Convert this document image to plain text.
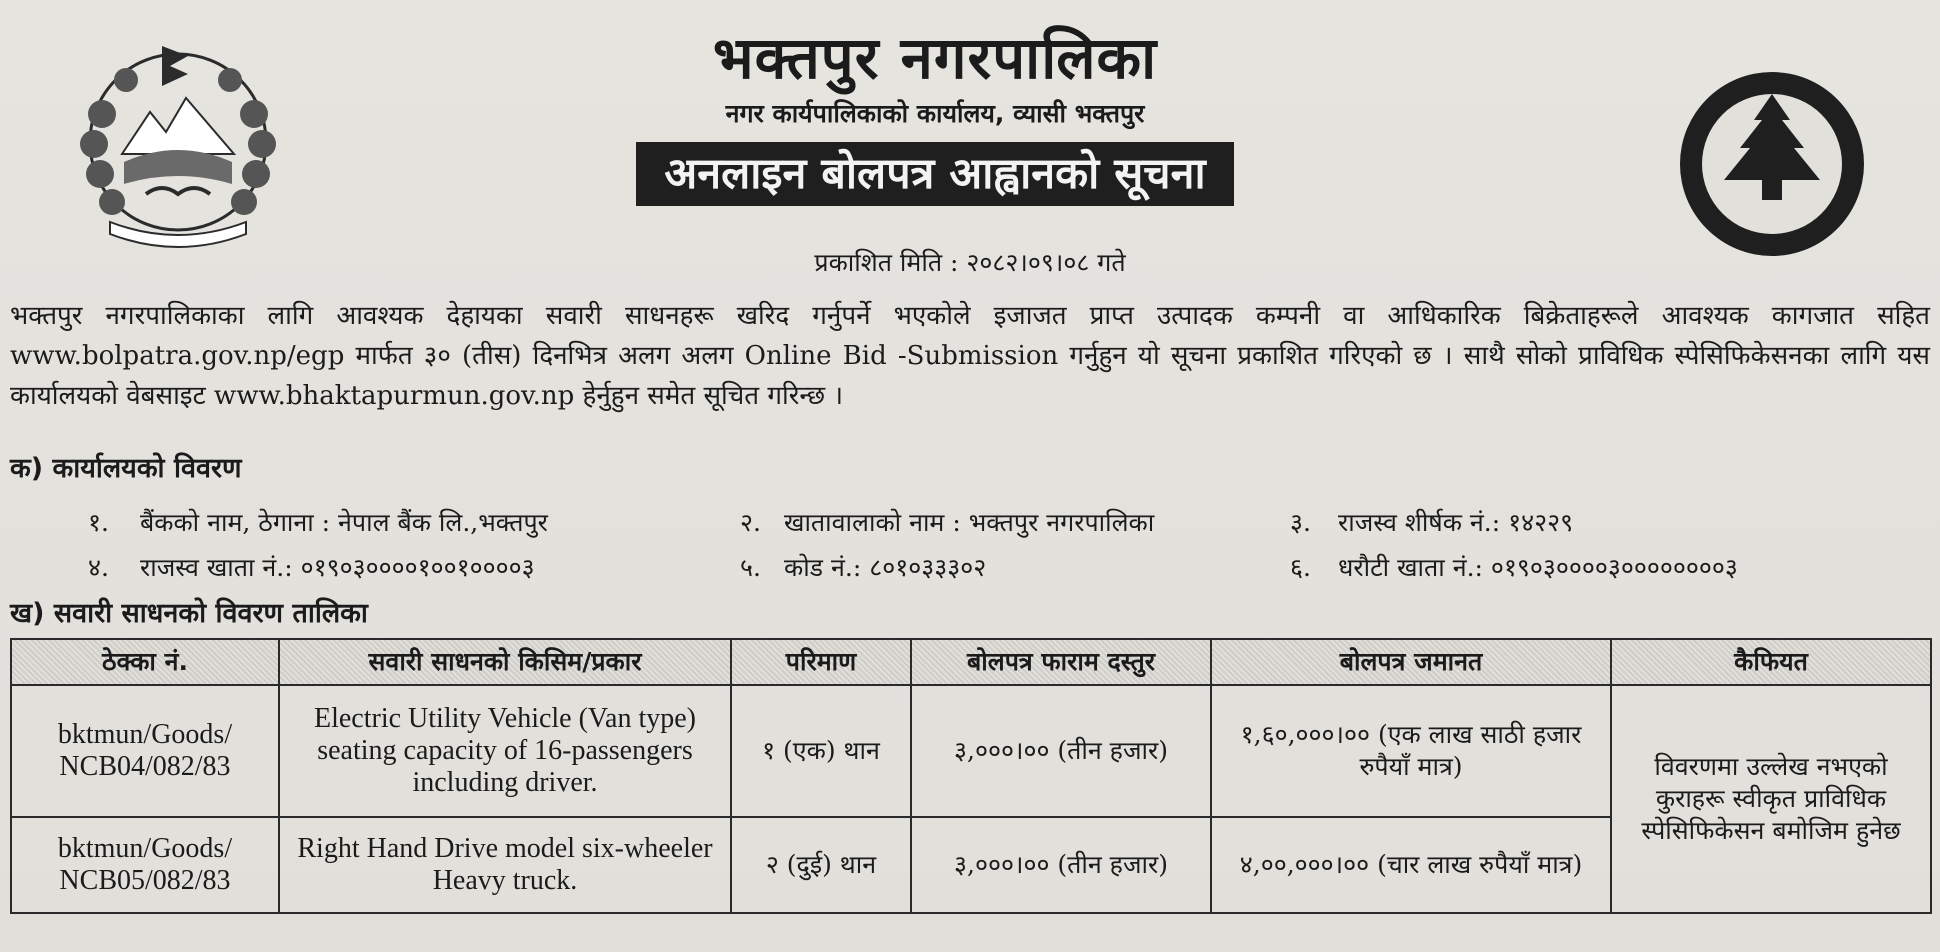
भक्तपुर नगरपालिका
नगर कार्यपालिकाको कार्यालय, व्यासी भक्तपुर
अनलाइन बोलपत्र आह्वानको सूचना
प्रकाशित मिति : २०८२।०९।०८ गते
भक्तपुर नगरपालिकाका लागि आवश्यक देहायका सवारी साधनहरू खरिद गर्नुपर्ने भएकोले इजाजत प्राप्त उत्पादक कम्पनी वा आधिकारिक बिक्रेताहरूले आवश्यक कागजात सहित www.bolpatra.gov.np/egp मार्फत ३० (तीस) दिनभित्र अलग अलग Online Bid -Submission गर्नुहुन यो सूचना प्रकाशित गरिएको छ । साथै सोको प्राविधिक स्पेसिफिकेसनका लागि यस कार्यालयको वेबसाइट www.bhaktapurmun.gov.np हेर्नुहुन समेत सूचित गरिन्छ ।
क) कार्यालयको विवरण
१. बैंकको नाम, ठेगाना : नेपाल बैंक लि.,भक्तपुर	२. खातावालाको नाम : भक्तपुर नगरपालिका	३. राजस्व शीर्षक नं.: १४२२९
४. राजस्व खाता नं.: ०१९०३००००१००१००००३	५. कोड नं.: ८०१०३३३०२	६. धरौटी खाता नं.: ०१९०३००००३००००००००३
ख) सवारी साधनको विवरण तालिका
ठेक्का नं.	सवारी साधनको किसिम/प्रकार	परिमाण	बोलपत्र फाराम दस्तुर	बोलपत्र जमानत	कैफियत
bktmun/Goods/ NCB04/082/83	Electric Utility Vehicle (Van type) seating capacity of 16-passengers including driver.	१ (एक) थान	३,०००।०० (तीन हजार)	१,६०,०००।०० (एक लाख साठी हजार रुपैयाँ मात्र)	विवरणमा उल्लेख नभएको कुराहरू स्वीकृत प्राविधिक स्पेसिफिकेसन बमोजिम हुनेछ
bktmun/Goods/ NCB05/082/83	Right Hand Drive model six-wheeler Heavy truck.	२ (दुई) थान	३,०००।०० (तीन हजार)	४,००,०००।०० (चार लाख रुपैयाँ मात्र)	
